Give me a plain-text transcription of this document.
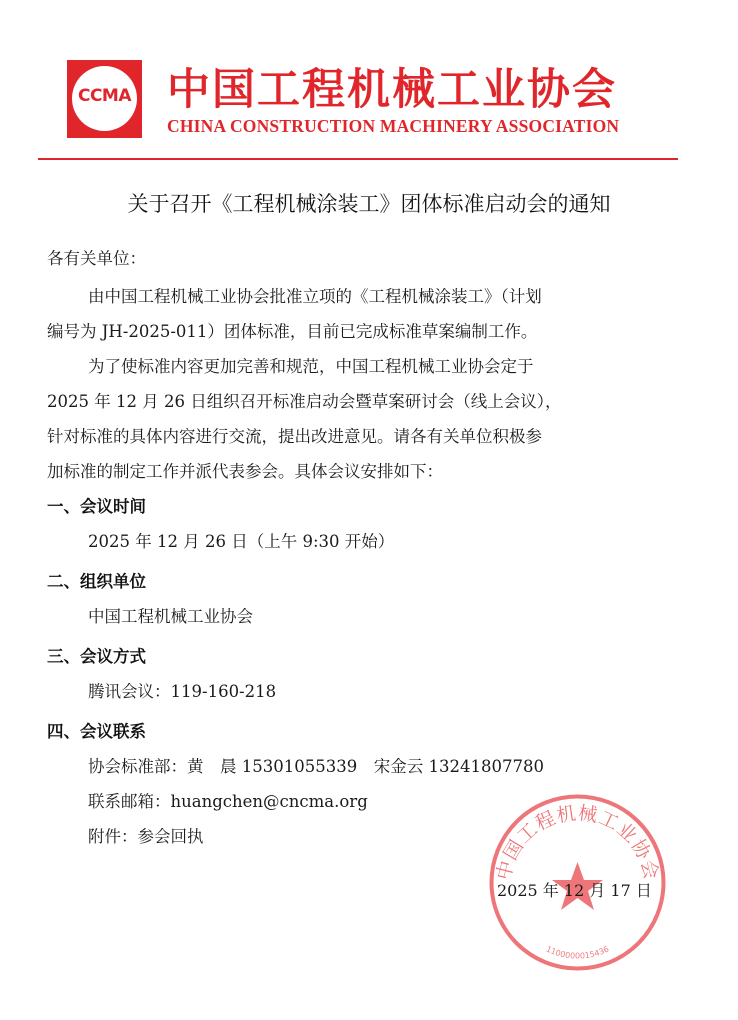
CCMA 中国工程机械工业协会
CHINA CONSTRUCTION MACHINERY ASSOCIATION
关于召开《工程机械涂装工》团体标准启动会的通知
各有关单位：
由中国工程机械工业协会批准立项的《工程机械涂装工》（计划
编号为 JH-2025-011）团体标准，目前已完成标准草案编制工作。
为了使标准内容更加完善和规范，中国工程机械工业协会定于
2025 年 12 月 26 日组织召开标准启动会暨草案研讨会（线上会议），
针对标准的具体内容进行交流，提出改进意见。请各有关单位积极参
加标准的制定工作并派代表参会。具体会议安排如下：
一、会议时间
2025 年 12 月 26 日（上午 9:30 开始）
二、组织单位
中国工程机械工业协会
三、会议方式
腾讯会议：119-160-218
四、会议联系
协会标准部：黄　晨 15301055339　宋金云 13241807780
联系邮箱：huangchen@cncma.org
附件：参会回执
中国工程机械工业协会
1100000015436
2025 年 12 月 17 日
